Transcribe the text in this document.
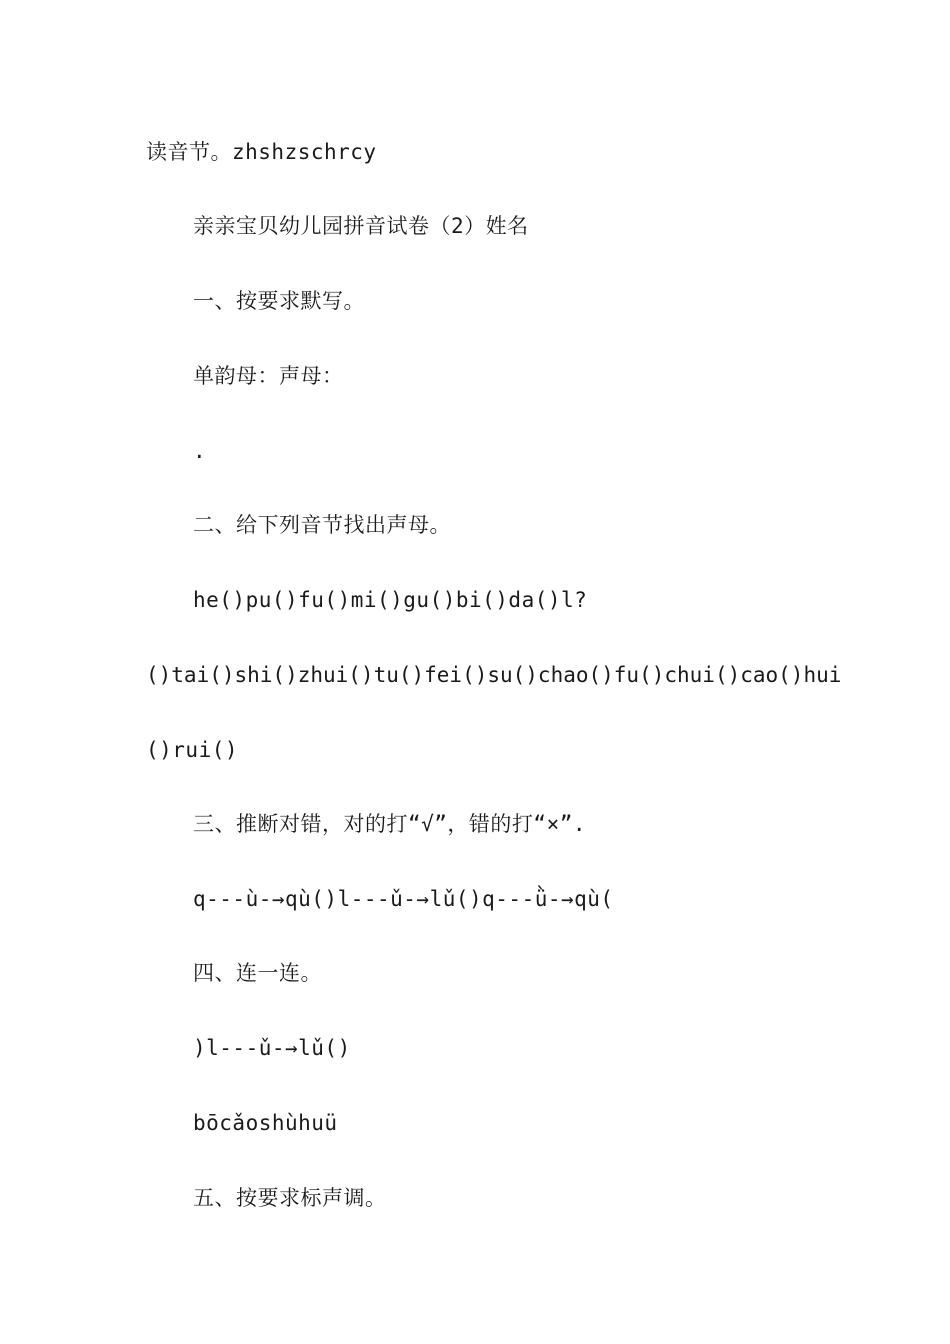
读音节。zhshzschrcy
亲亲宝贝幼儿园拼音试卷（2）姓名
一、按要求默写。
单韵母：声母：
.
二、给下列音节找出声母。
he()pu()fu()mi()gu()bi()da()l?
()tai()shi()zhui()tu()fei()su()chao()fu()chui()cao()hui
()rui()
三、推断对错，对的打“√”，错的打“×”.
q---ù-→qù()l---ǔ-→lǔ()q---ǜ-→qù(
四、连一连。
)l---ǔ-→lǔ()
bōcǎoshùhuü
五、按要求标声调。
